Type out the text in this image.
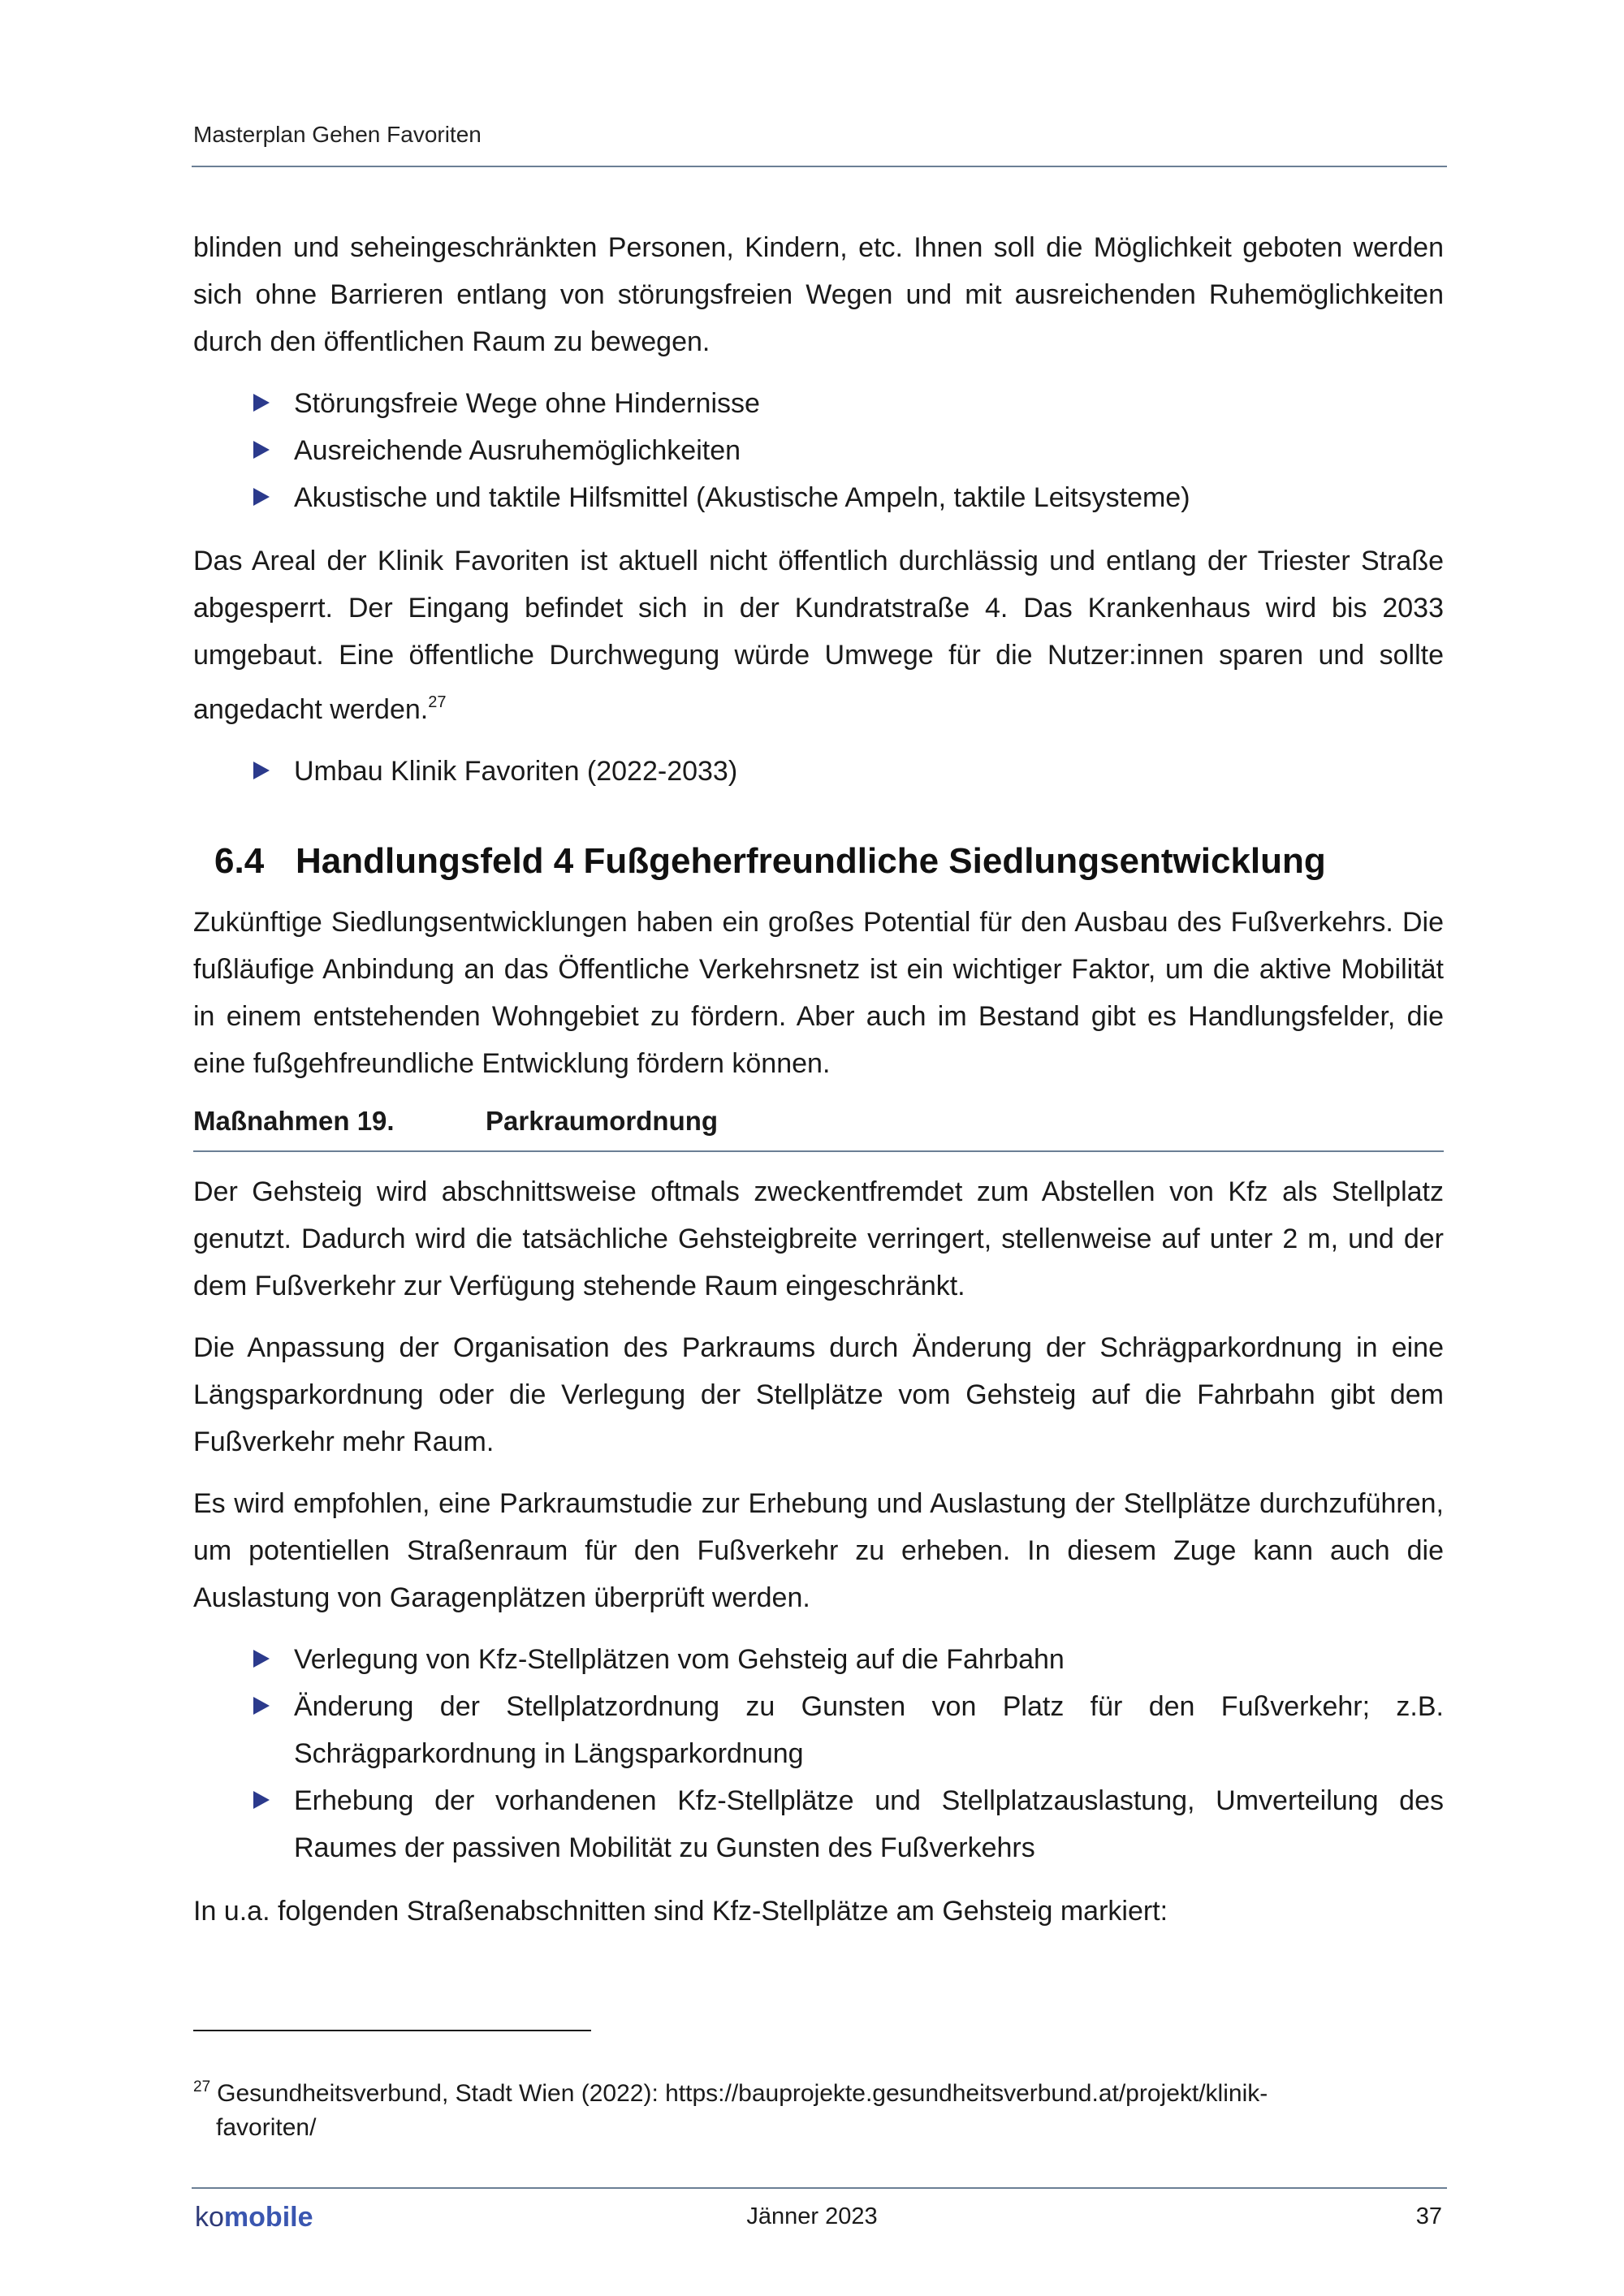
Masterplan Gehen Favoriten

blinden und seheingeschränkten Personen, Kindern, etc. Ihnen soll die Möglichkeit geboten werden sich ohne Barrieren entlang von störungsfreien Wegen und mit ausreichenden Ruhemöglichkeiten durch den öffentlichen Raum zu bewegen.

Störungsfreie Wege ohne Hindernisse
Ausreichende Ausruhemöglichkeiten
Akustische und taktile Hilfsmittel (Akustische Ampeln, taktile Leitsysteme)

Das Areal der Klinik Favoriten ist aktuell nicht öffentlich durchlässig und entlang der Triester Straße abgesperrt. Der Eingang befindet sich in der Kundratstraße 4. Das Krankenhaus wird bis 2033 umgebaut. Eine öffentliche Durchwegung würde Umwege für die Nutzer:innen sparen und sollte angedacht werden.$^{27}$

Umbau Klinik Favoriten (2022-2033)
6.4 Handlungsfeld 4 Fußgeherfreundliche Siedlungsentwicklung

Zukünftige Siedlungsentwicklungen haben ein großes Potential für den Ausbau des Fußverkehrs. Die fußläufige Anbindung an das Öffentliche Verkehrsnetz ist ein wichtiger Faktor, um die aktive Mobilität in einem entstehenden Wohngebiet zu fördern. Aber auch im Bestand gibt es Handlungsfelder, die eine fußgehfreundliche Entwicklung fördern können.

Maßnahmen 19.	Parkraumordnung

Der Gehsteig wird abschnittsweise oftmals zweckentfremdet zum Abstellen von Kfz als Stellplatz genutzt. Dadurch wird die tatsächliche Gehsteigbreite verringert, stellenweise auf unter 2 m, und der dem Fußverkehr zur Verfügung stehende Raum eingeschränkt.

Die Anpassung der Organisation des Parkraums durch Änderung der Schrägparkordnung in eine Längsparkordnung oder die Verlegung der Stellplätze vom Gehsteig auf die Fahrbahn gibt dem Fußverkehr mehr Raum.

Es wird empfohlen, eine Parkraumstudie zur Erhebung und Auslastung der Stellplätze durchzuführen, um potentiellen Straßenraum für den Fußverkehr zu erheben. In diesem Zuge kann auch die Auslastung von Garagenplätzen überprüft werden.

Verlegung von Kfz-Stellplätzen vom Gehsteig auf die Fahrbahn
Änderung der Stellplatzordnung zu Gunsten von Platz für den Fußverkehr; z.B. Schrägparkordnung in Längsparkordnung
Erhebung der vorhandenen Kfz-Stellplätze und Stellplatzauslastung, Umverteilung des Raumes der passiven Mobilität zu Gunsten des Fußverkehrs

In u.a. folgenden Straßenabschnitten sind Kfz-Stellplätze am Gehsteig markiert:

$^{27}$ Gesundheitsverbund, Stadt Wien (2022): https://bauprojekte.gesundheitsverbund.at/projekt/klinik-
favoriten/
komobile	Jänner 2023	37
